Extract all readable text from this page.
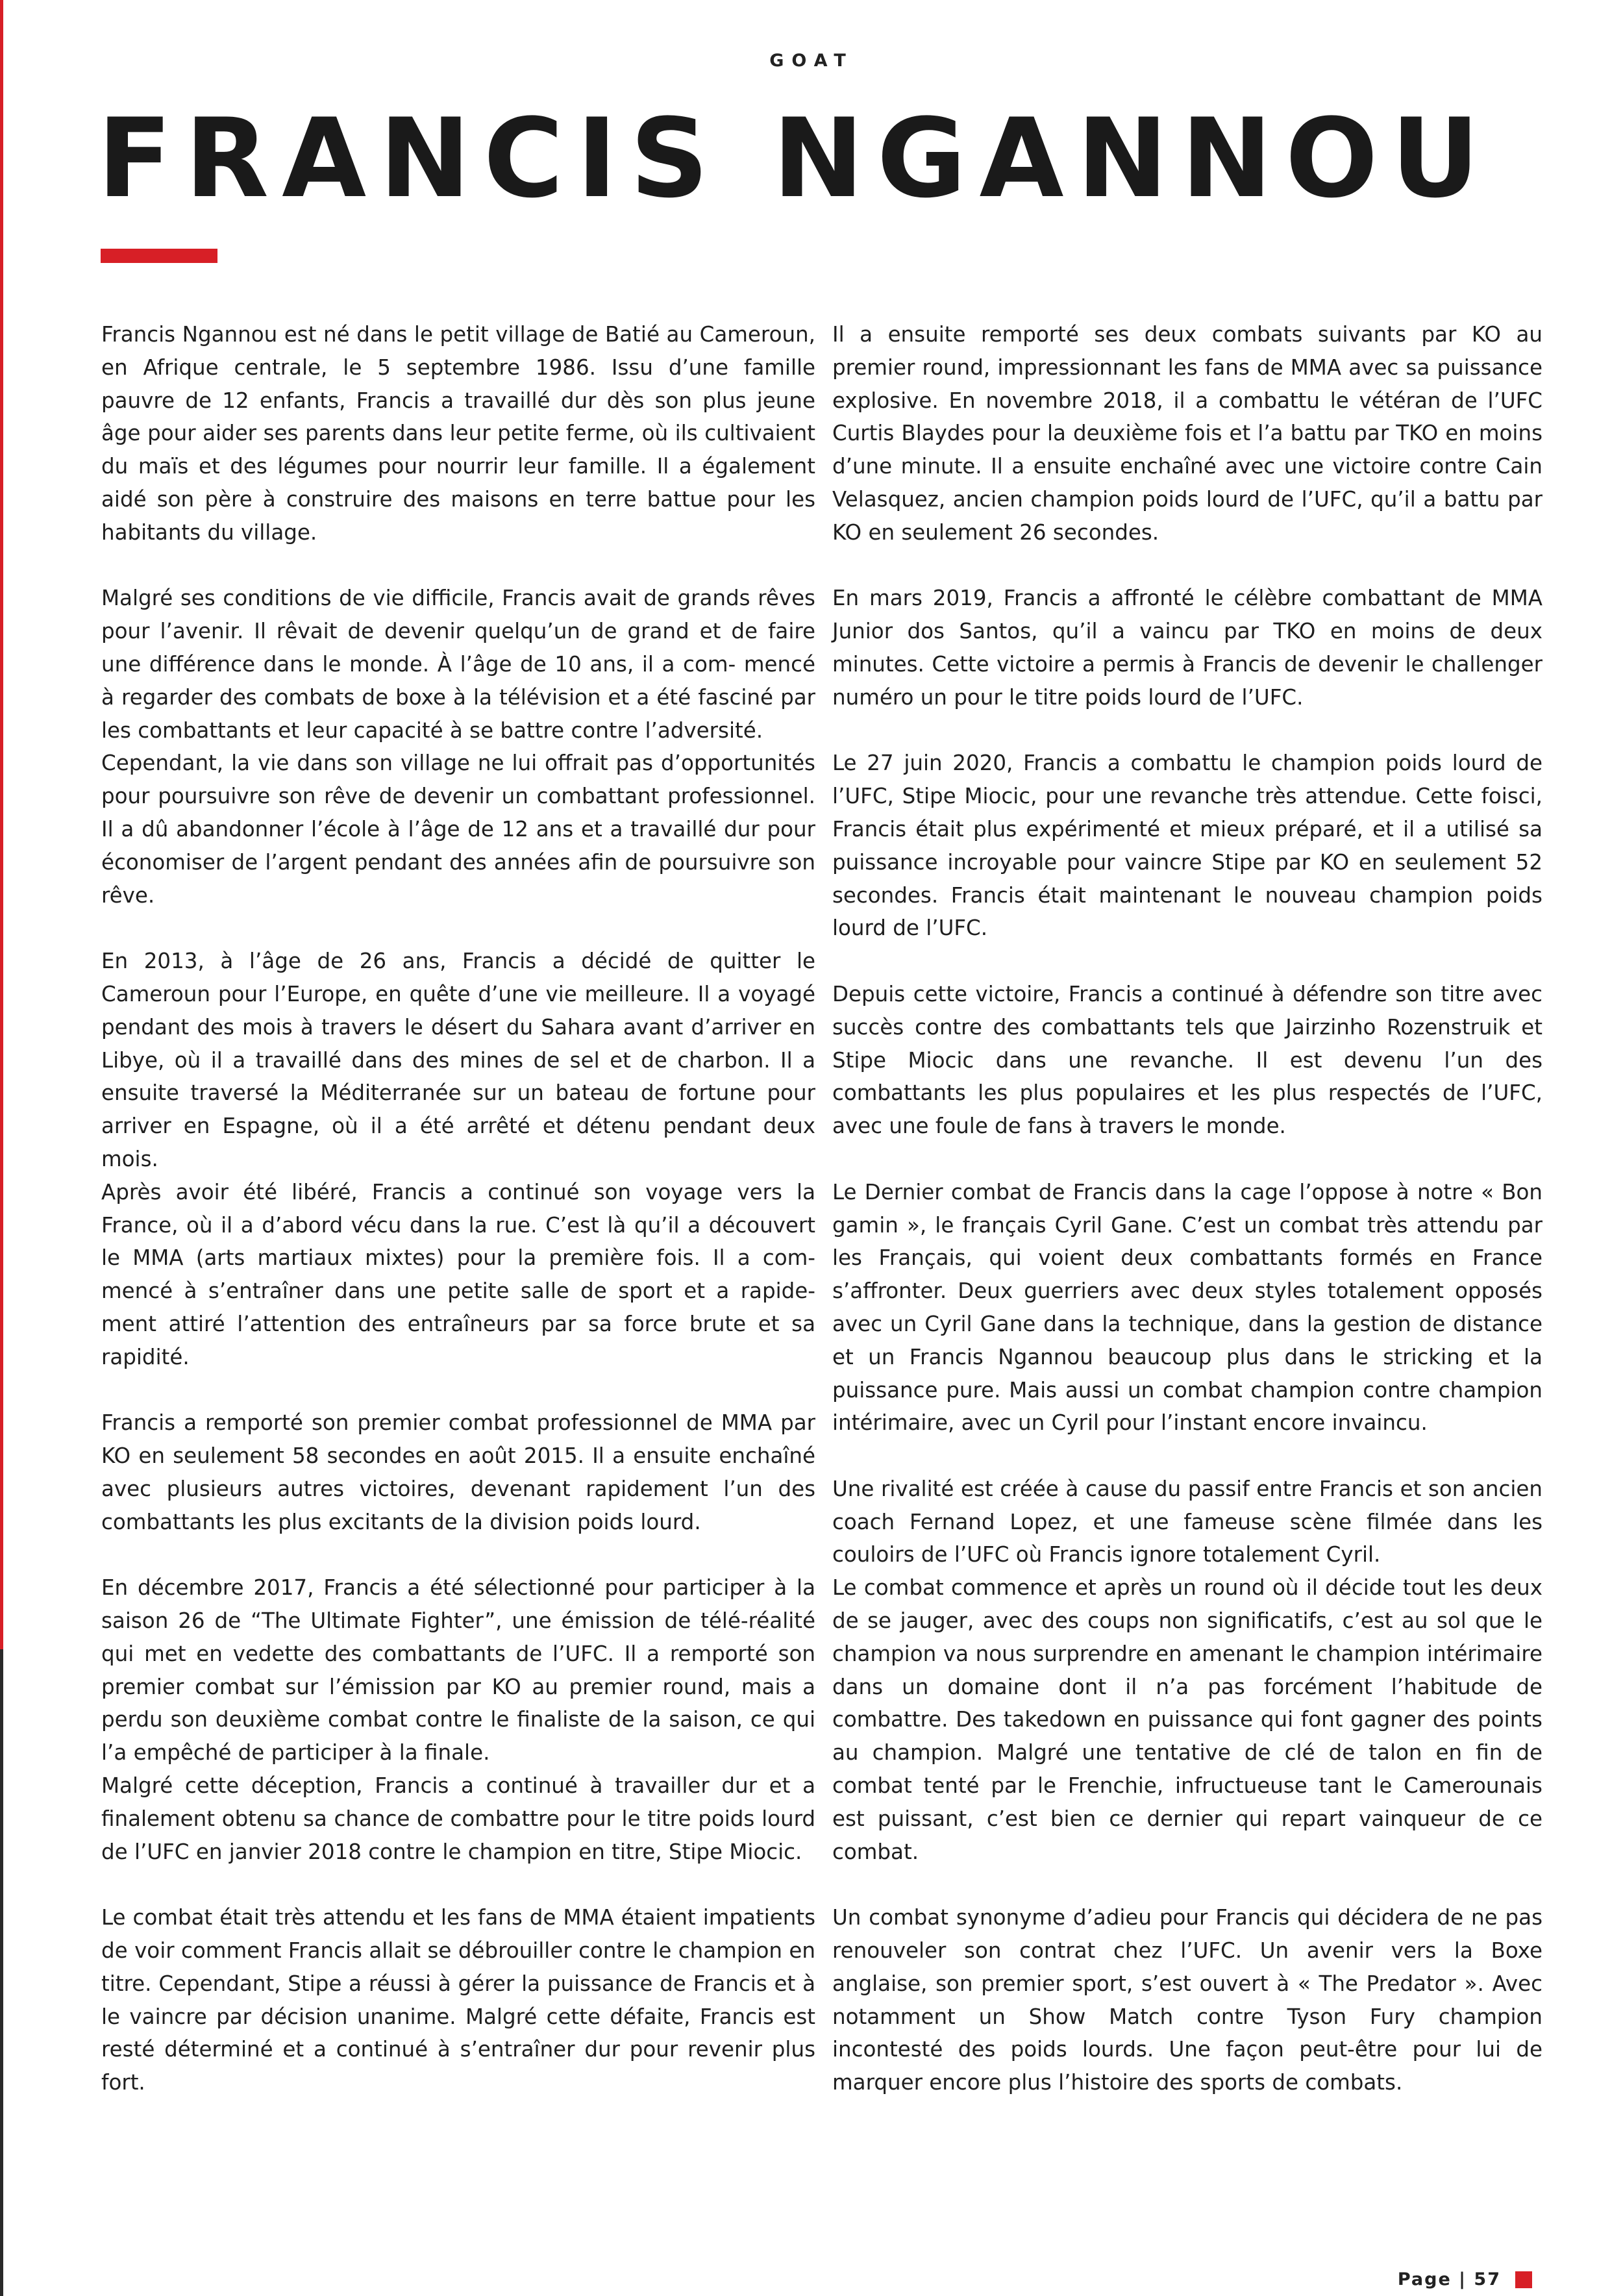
GOAT
FRANCIS NGANNOU

Francis Ngannou est né dans le petit village de Batié au Cameroun, en Afrique centrale, le 5 septembre 1986. Issu d’une famille pauvre de 12 enfants, Francis a travaillé dur dès son plus jeune âge pour aider ses parents dans leur petite ferme, où ils cultivaient du maïs et des légumes pour nourrir leur famille. Il a également aidé son père à construire des maisons en terre battue pour les habitants du village.

Malgré ses conditions de vie difficile, Francis avait de grands rêves pour l’avenir. Il rêvait de devenir quelqu’un de grand et de faire une différence dans le monde. À l’âge de 10 ans, il a com- mencé à regarder des combats de boxe à la télévision et a été fasciné par les combattants et leur capacité à se battre contre l’adversité.

Cependant, la vie dans son village ne lui offrait pas d’opportunités pour poursuivre son rêve de devenir un combattant professionnel. Il a dû abandonner l’école à l’âge de 12 ans et a travaillé dur pour économiser de l’argent pendant des années afin de poursuivre son rêve.

En 2013, à l’âge de 26 ans, Francis a décidé de quitter le Cameroun pour l’Europe, en quête d’une vie meilleure. Il a voyagé pendant des mois à travers le désert du Sahara avant d’arriver en Libye, où il a travaillé dans des mines de sel et de charbon. Il a ensuite traversé la Méditerranée sur un bateau de fortune pour arriver en Espagne, où il a été arrêté et détenu pendant deux mois.

Après avoir été libéré, Francis a continué son voyage vers la France, où il a d’abord vécu dans la rue. C’est là qu’il a découvert le MMA (arts martiaux mixtes) pour la première fois. Il a com- mencé à s’entraîner dans une petite salle de sport et a rapide- ment attiré l’attention des entraîneurs par sa force brute et sa rapidité.

Francis a remporté son premier combat professionnel de MMA par KO en seulement 58 secondes en août 2015. Il a ensuite enchaîné avec plusieurs autres victoires, devenant rapidement l’un des combattants les plus excitants de la division poids lourd.

En décembre 2017, Francis a été sélectionné pour participer à la saison 26 de “The Ultimate Fighter”, une émission de télé-réalité qui met en vedette des combattants de l’UFC. Il a remporté son premier combat sur l’émission par KO au premier round, mais a perdu son deuxième combat contre le finaliste de la saison, ce qui l’a empêché de participer à la finale.

Malgré cette déception, Francis a continué à travailler dur et a finalement obtenu sa chance de combattre pour le titre poids lourd de l’UFC en janvier 2018 contre le champion en titre, Stipe Miocic.

Le combat était très attendu et les fans de MMA étaient impatients de voir comment Francis allait se débrouiller contre le champion en titre. Cependant, Stipe a réussi à gérer la puissance de Francis et à le vaincre par décision unanime. Malgré cette défaite, Francis est resté déterminé et a continué à s’entraîner dur pour revenir plus fort.

Il a ensuite remporté ses deux combats suivants par KO au premier round, impressionnant les fans de MMA avec sa puissance explosive. En novembre 2018, il a combattu le vétéran de l’UFC Curtis Blaydes pour la deuxième fois et l’a battu par TKO en moins d’une minute. Il a ensuite enchaîné avec une victoire contre Cain Velasquez, ancien champion poids lourd de l’UFC, qu’il a battu par KO en seulement 26 secondes.

En mars 2019, Francis a affronté le célèbre combattant de MMA Junior dos Santos, qu’il a vaincu par TKO en moins de deux minutes. Cette victoire a permis à Francis de devenir le challenger numéro un pour le titre poids lourd de l’UFC.

Le 27 juin 2020, Francis a combattu le champion poids lourd de l’UFC, Stipe Miocic, pour une revanche très attendue. Cette foisci, Francis était plus expérimenté et mieux préparé, et il a utilisé sa puissance incroyable pour vaincre Stipe par KO en seulement 52 secondes. Francis était maintenant le nouveau champion poids lourd de l’UFC.

Depuis cette victoire, Francis a continué à défendre son titre avec succès contre des combattants tels que Jairzinho Rozenstruik et Stipe Miocic dans une revanche. Il est devenu l’un des combattants les plus populaires et les plus respectés de l’UFC, avec une foule de fans à travers le monde.

Le Dernier combat de Francis dans la cage l’oppose à notre « Bon gamin », le français Cyril Gane. C’est un combat très attendu par les Français, qui voient deux combattants formés en France s’affronter. Deux guerriers avec deux styles totalement opposés avec un Cyril Gane dans la technique, dans la gestion de distance et un Francis Ngannou beaucoup plus dans le stricking et la puissance pure. Mais aussi un combat champion contre champion intérimaire, avec un Cyril pour l’instant encore invaincu.

Une rivalité est créée à cause du passif entre Francis et son ancien coach Fernand Lopez, et une fameuse scène filmée dans les couloirs de l’UFC où Francis ignore totalement Cyril.

Le combat commence et après un round où il décide tout les deux de se jauger, avec des coups non significatifs, c’est au sol que le champion va nous surprendre en amenant le champion intérimaire dans un domaine dont il n’a pas forcément l’habitude de combattre. Des takedown en puissance qui font gagner des points au champion. Malgré une tentative de clé de talon en fin de combat tenté par le Frenchie, infructueuse tant le Camerounais est puissant, c’est bien ce dernier qui repart vainqueur de ce combat.

Un combat synonyme d’adieu pour Francis qui décidera de ne pas renouveler son contrat chez l’UFC. Un avenir vers la Boxe anglaise, son premier sport, s’est ouvert à « The Predator ». Avec notamment un Show Match contre Tyson Fury champion incontesté des poids lourds. Une façon peut-être pour lui de marquer encore plus l’histoire des sports de combats.

Page | 57
